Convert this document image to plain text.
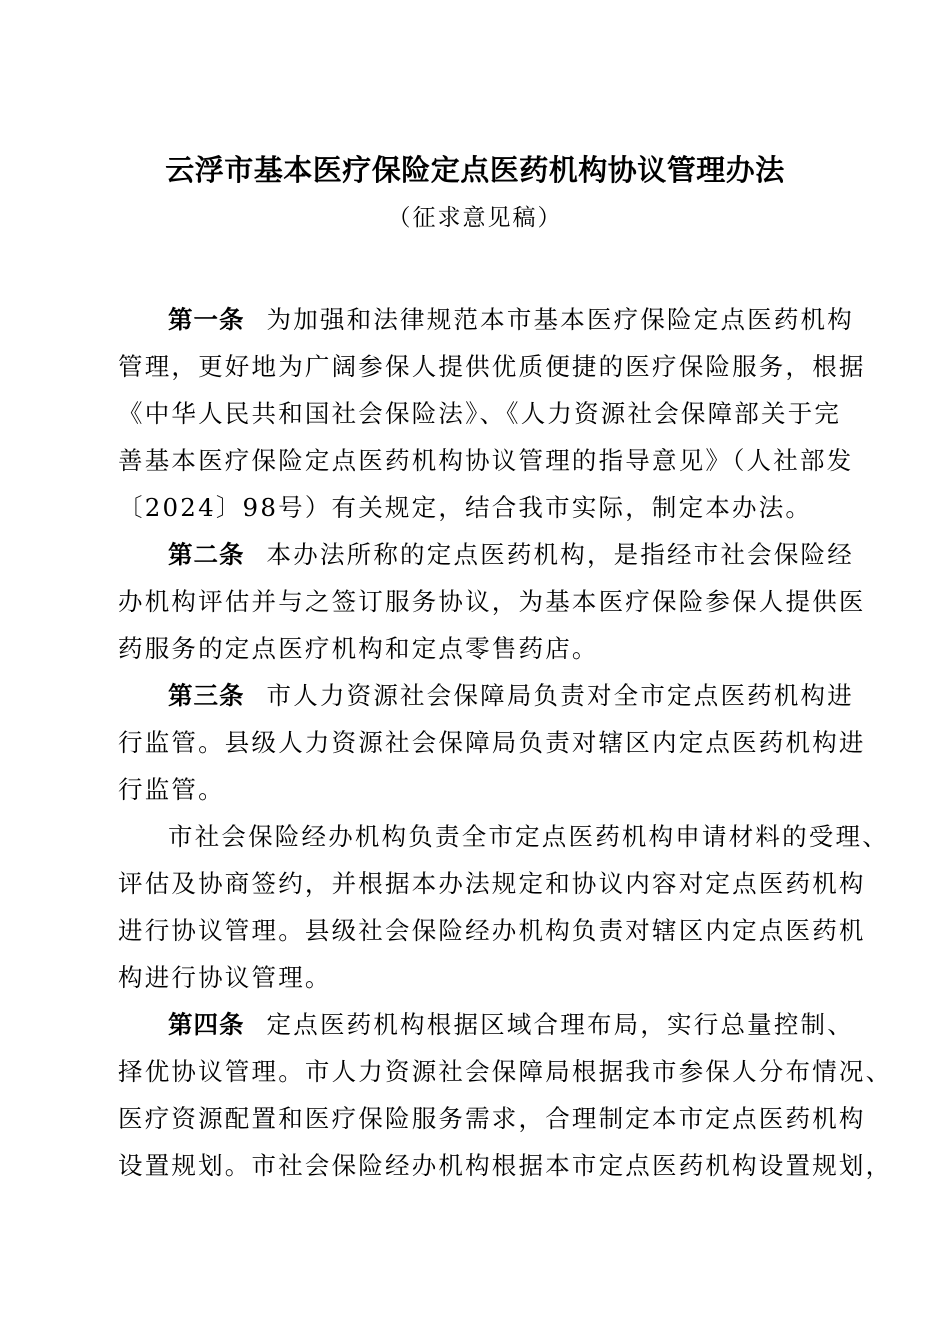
云浮市基本医疗保险定点医药机构协议管理办法
（征求意见稿）

第一条 为加强和法律规范本市基本医疗保险定点医药机构
管理，更好地为广阔参保人提供优质便捷的医疗保险服务，根据
《中华人民共和国社会保险法》、《人力资源社会保障部关于完
善基本医疗保险定点医药机构协议管理的指导意见》（人社部发
〔2024〕98号）有关规定，结合我市实际，制定本办法。

第二条 本办法所称的定点医药机构，是指经市社会保险经
办机构评估并与之签订服务协议，为基本医疗保险参保人提供医
药服务的定点医疗机构和定点零售药店。

第三条 市人力资源社会保障局负责对全市定点医药机构进
行监管。县级人力资源社会保障局负责对辖区内定点医药机构进
行监管。

市社会保险经办机构负责全市定点医药机构申请材料的受理、
评估及协商签约，并根据本办法规定和协议内容对定点医药机构
进行协议管理。县级社会保险经办机构负责对辖区内定点医药机
构进行协议管理。

第四条 定点医药机构根据区域合理布局，实行总量控制、
择优协议管理。市人力资源社会保障局根据我市参保人分布情况、
医疗资源配置和医疗保险服务需求，合理制定本市定点医药机构
设置规划。市社会保险经办机构根据本市定点医药机构设置规划，
